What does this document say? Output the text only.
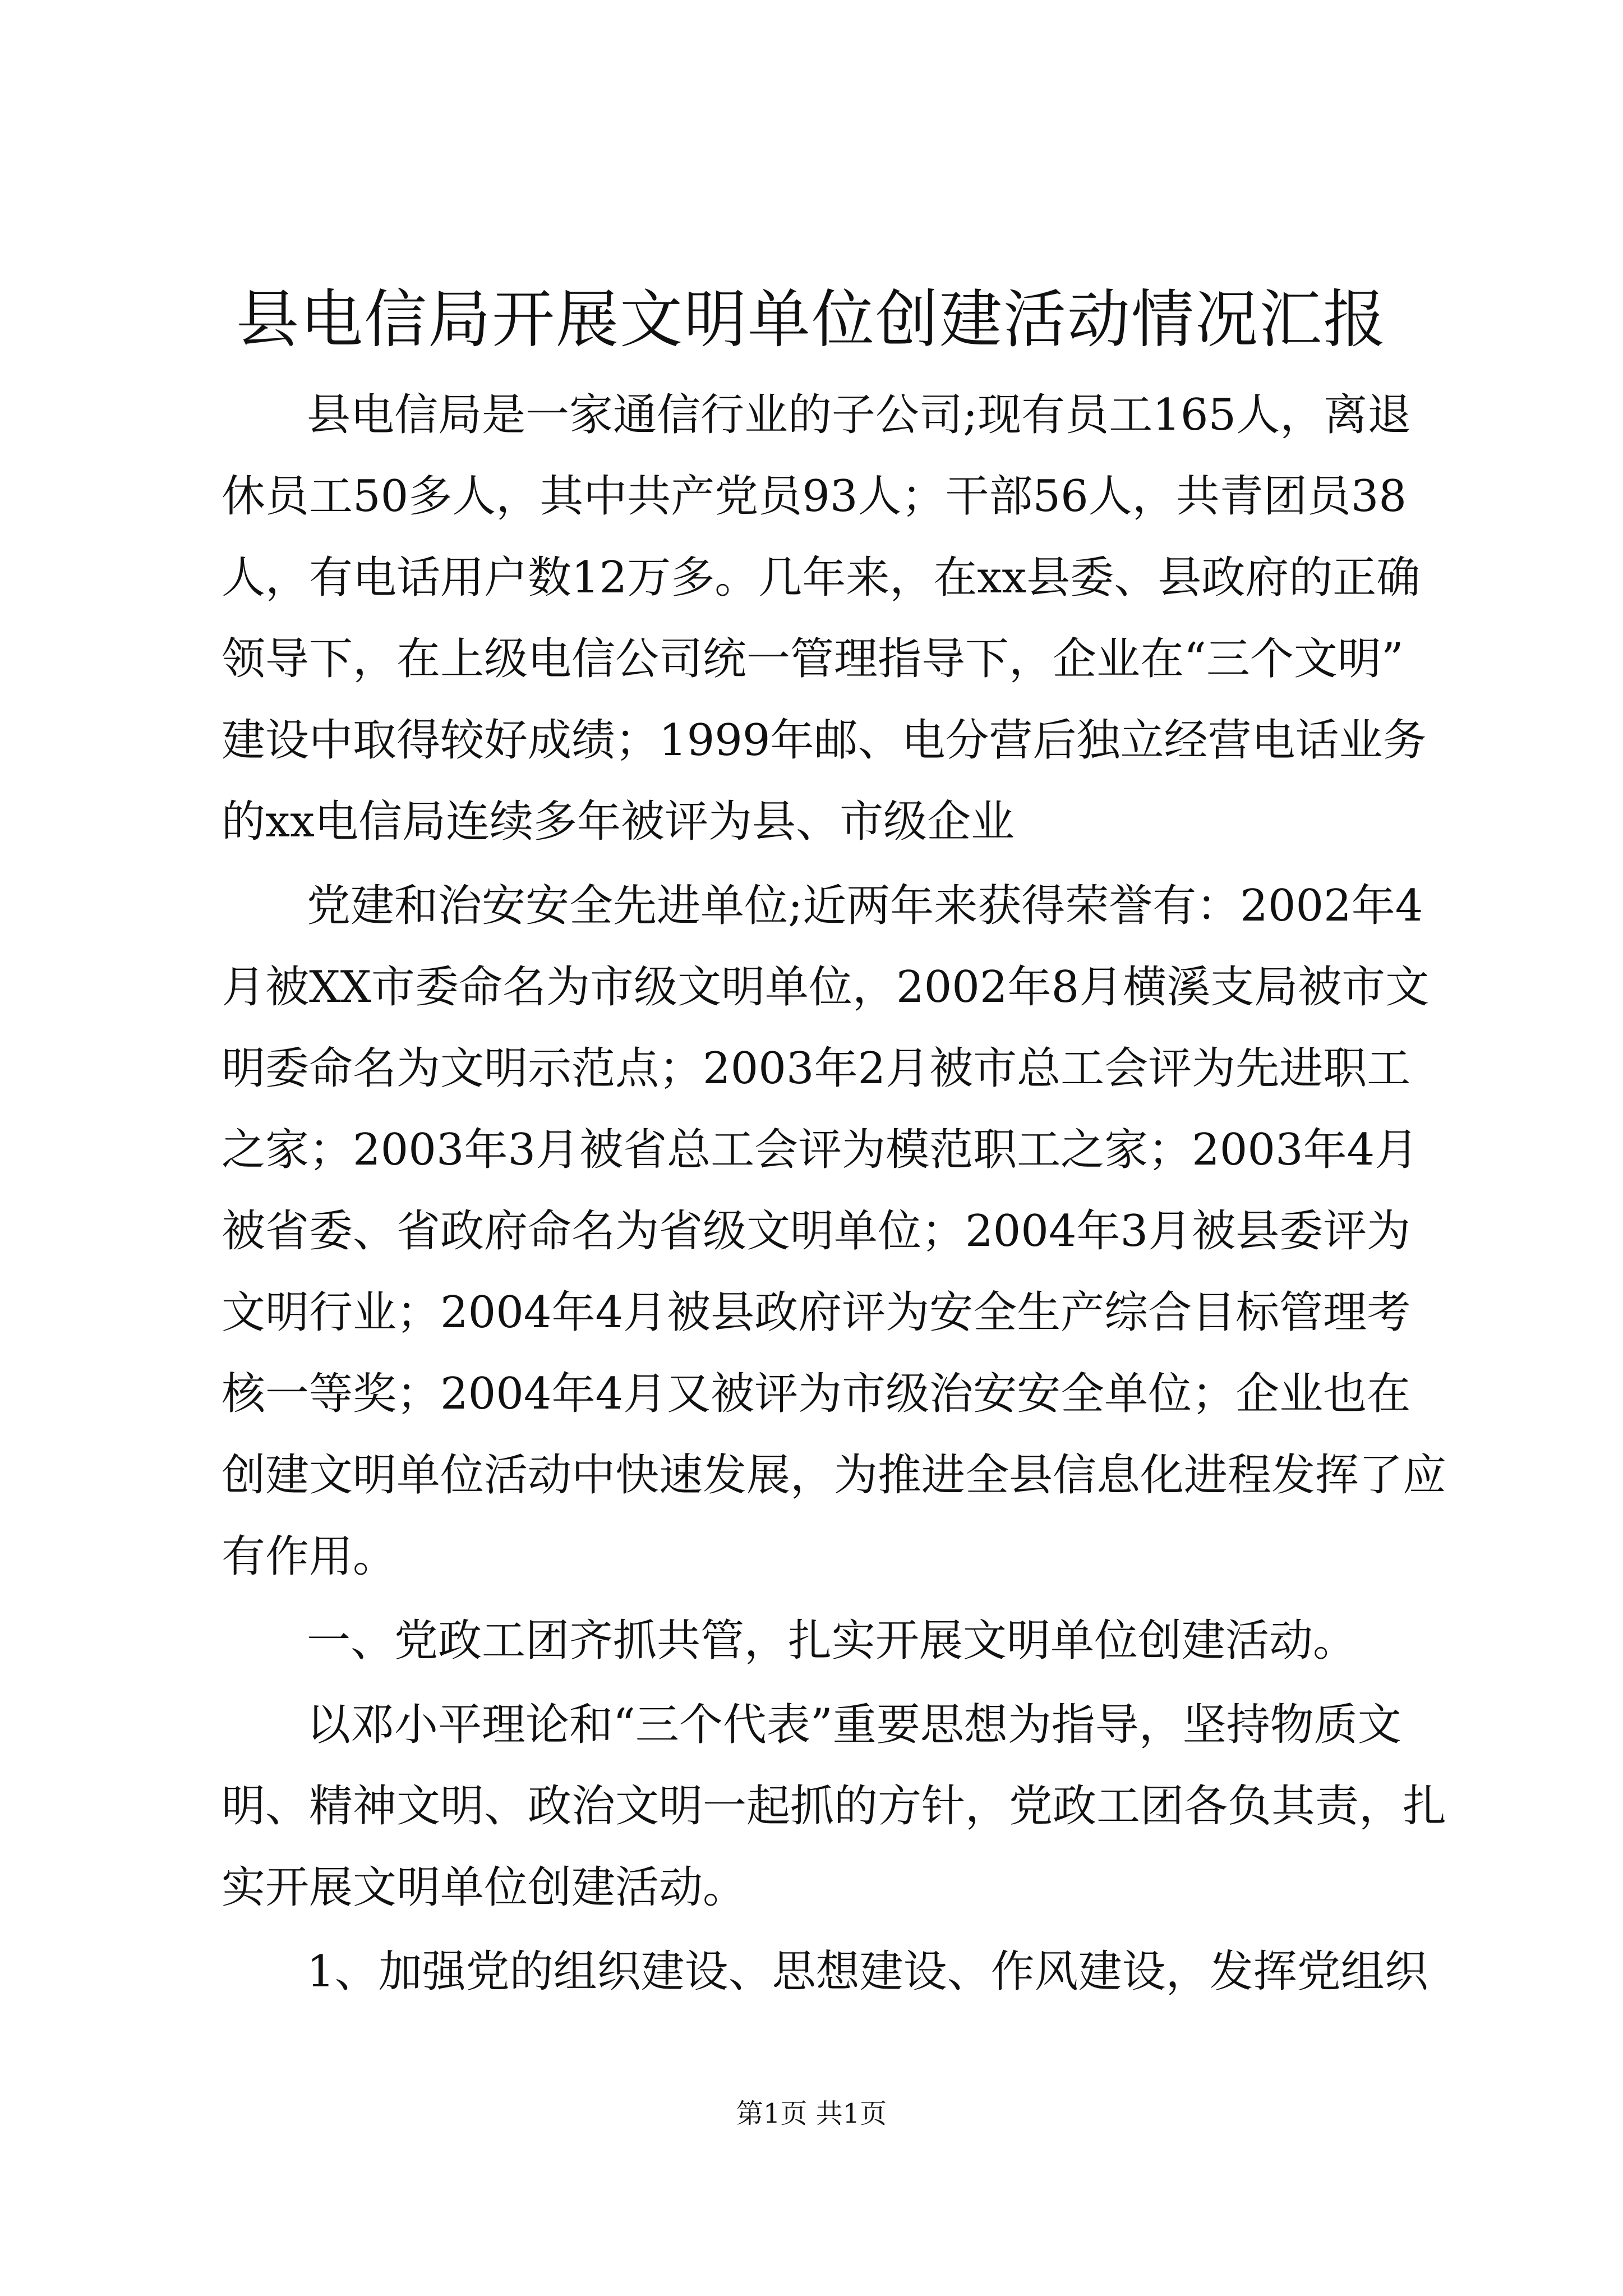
县电信局开展文明单位创建活动情况汇报

县电信局是一家通信行业的子公司;现有员工165人，离退

休员工50多人，其中共产党员93人；干部56人，共青团员38

人，有电话用户数12万多。几年来，在xx县委、县政府的正确

领导下，在上级电信公司统一管理指导下，企业在“三个文明”

建设中取得较好成绩；1999年邮、电分营后独立经营电话业务

的xx电信局连续多年被评为县、市级企业

党建和治安安全先进单位;近两年来获得荣誉有：2002年4

月被XX市委命名为市级文明单位，2002年8月横溪支局被市文

明委命名为文明示范点；2003年2月被市总工会评为先进职工

之家；2003年3月被省总工会评为模范职工之家；2003年4月

被省委、省政府命名为省级文明单位；2004年3月被县委评为

文明行业；2004年4月被县政府评为安全生产综合目标管理考

核一等奖；2004年4月又被评为市级治安安全单位；企业也在

创建文明单位活动中快速发展，为推进全县信息化进程发挥了应

有作用。

一、党政工团齐抓共管，扎实开展文明单位创建活动。

以邓小平理论和“三个代表”重要思想为指导，坚持物质文

明、精神文明、政治文明一起抓的方针，党政工团各负其责，扎

实开展文明单位创建活动。

1、加强党的组织建设、思想建设、作风建设，发挥党组织

第1页 共1页
